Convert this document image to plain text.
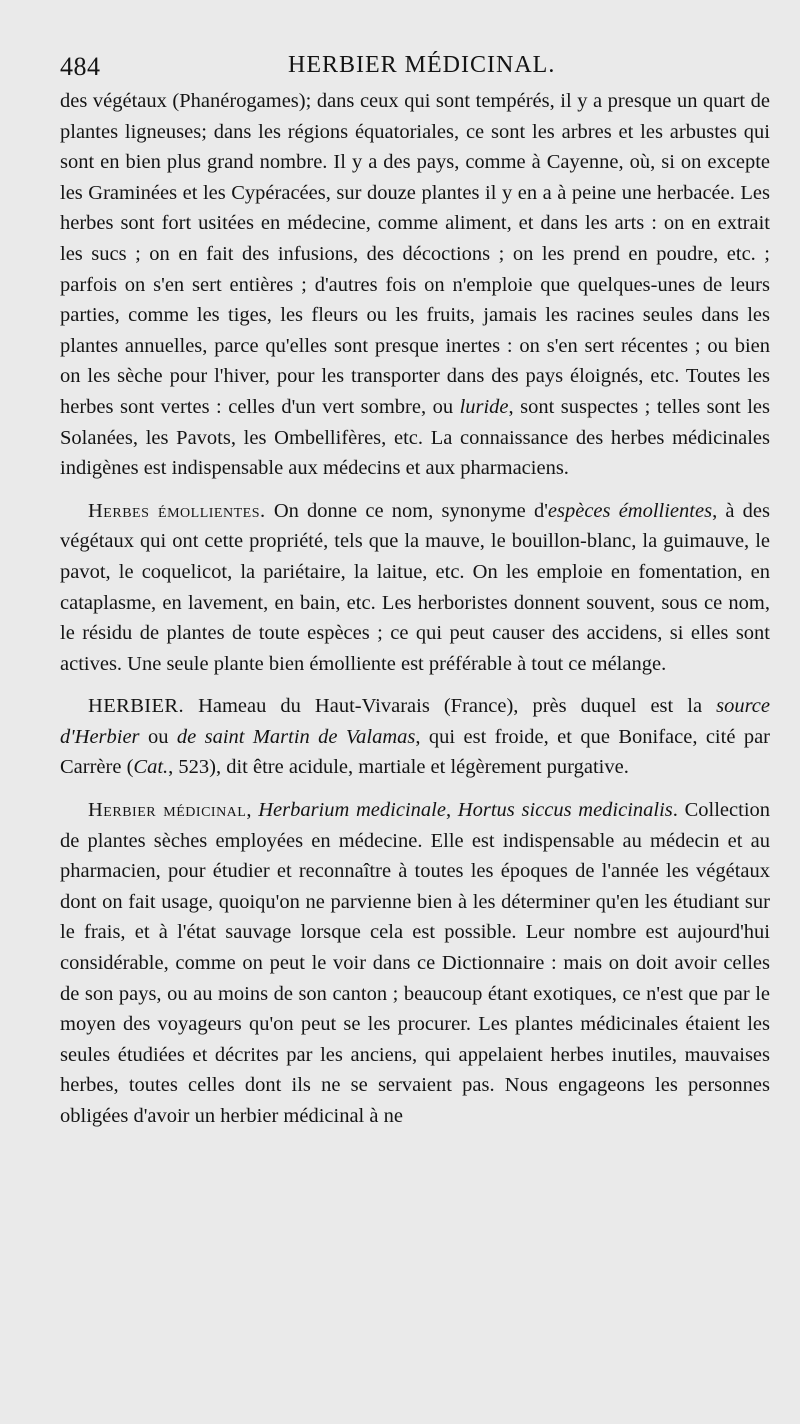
484	HERBIER MÉDICINAL.

des végétaux (Phanérogames); dans ceux qui sont tempérés, il y a presque un quart de plantes ligneuses; dans les régions équatoriales, ce sont les arbres et les arbustes qui sont en bien plus grand nombre. Il y a des pays, comme à Cayenne, où, si on excepte les Graminées et les Cypéracées, sur douze plantes il y en a à peine une herbacée. Les herbes sont fort usitées en médecine, comme aliment, et dans les arts : on en extrait les sucs ; on en fait des infusions, des décoctions ; on les prend en poudre, etc. ; parfois on s'en sert entières ; d'autres fois on n'emploie que quelques-unes de leurs parties, comme les tiges, les fleurs ou les fruits, jamais les racines seules dans les plantes annuelles, parce qu'elles sont presque inertes : on s'en sert récentes ; ou bien on les sèche pour l'hiver, pour les transporter dans des pays éloignés, etc. Toutes les herbes sont vertes : celles d'un vert sombre, ou luride, sont suspectes ; telles sont les Solanées, les Pavots, les Ombellifères, etc. La connaissance des herbes médicinales indigènes est indispensable aux médecins et aux pharmaciens.

Herbes émollientes. On donne ce nom, synonyme d'espèces émollientes, à des végétaux qui ont cette propriété, tels que la mauve, le bouillon-blanc, la guimauve, le pavot, le coquelicot, la pariétaire, la laitue, etc. On les emploie en fomentation, en cataplasme, en lavement, en bain, etc. Les herboristes donnent souvent, sous ce nom, le résidu de plantes de toute espèces ; ce qui peut causer des accidens, si elles sont actives. Une seule plante bien émolliente est préférable à tout ce mélange.

HERBIER. Hameau du Haut-Vivarais (France), près duquel est la source d'Herbier ou de saint Martin de Valamas, qui est froide, et que Boniface, cité par Carrère (Cat., 523), dit être acidule, martiale et légèrement purgative.

Herbier médicinal, Herbarium medicinale, Hortus siccus medicinalis. Collection de plantes sèches employées en médecine. Elle est indispensable au médecin et au pharmacien, pour étudier et reconnaître à toutes les époques de l'année les végétaux dont on fait usage, quoiqu'on ne parvienne bien à les déterminer qu'en les étudiant sur le frais, et à l'état sauvage lorsque cela est possible. Leur nombre est aujourd'hui considérable, comme on peut le voir dans ce Dictionnaire : mais on doit avoir celles de son pays, ou au moins de son canton ; beaucoup étant exotiques, ce n'est que par le moyen des voyageurs qu'on peut se les procurer. Les plantes médicinales étaient les seules étudiées et décrites par les anciens, qui appelaient herbes inutiles, mauvaises herbes, toutes celles dont ils ne se servaient pas. Nous engageons les personnes obligées d'avoir un herbier médicinal à ne
